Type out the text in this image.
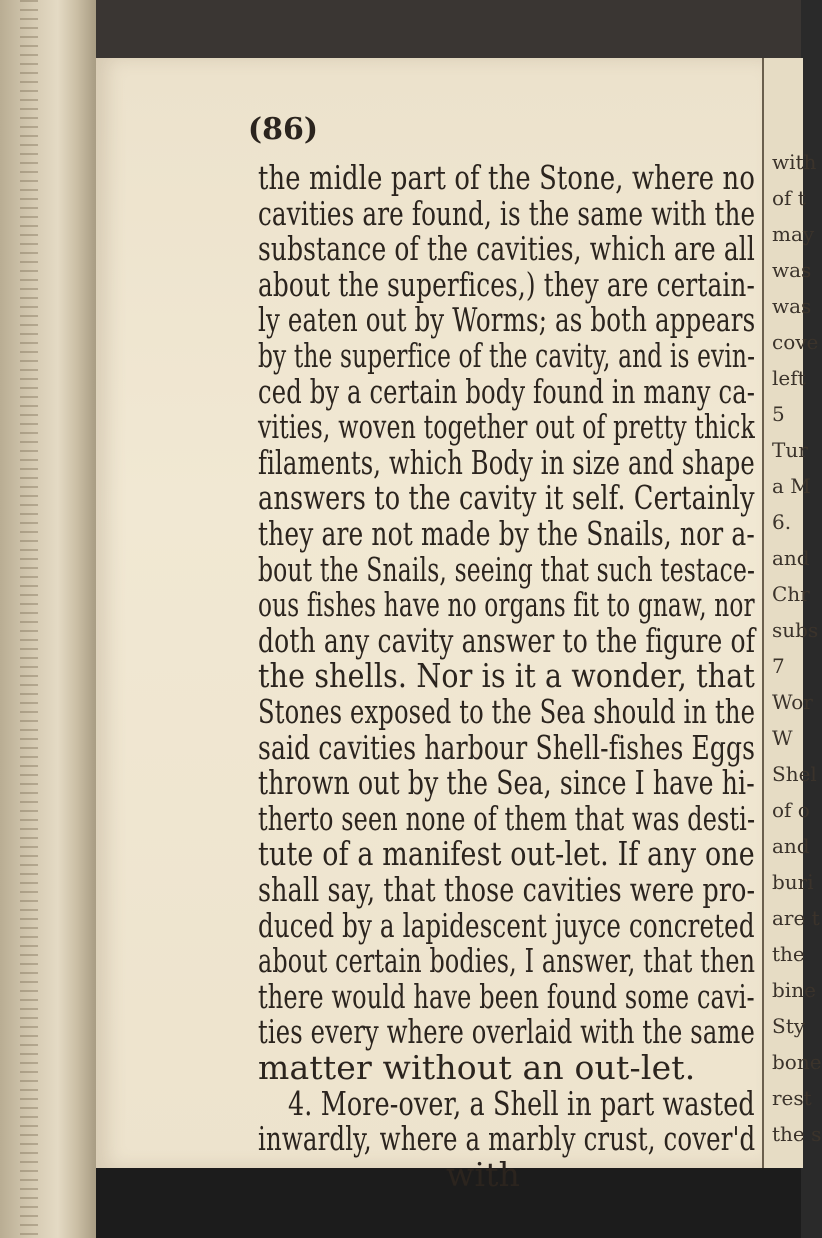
(86)
the midle part of the Stone, where no
cavities are found, is the same with the
substance of the cavities, which are all
about the superfices,) they are certain-
ly eaten out by Worms; as both appears
by the superfice of the cavity, and is evin-
ced by a certain body found in many ca-
vities, woven together out of pretty thick
filaments, which Body in size and shape
answers to the cavity it self. Certainly
they are not made by the Snails, nor a-
bout the Snails, seeing that such testace-
ous fishes have no organs fit to gnaw, nor
doth any cavity answer to the figure of
the shells. Nor is it a wonder, that
Stones exposed to the Sea should in the
said cavities harbour Shell-fishes Eggs
thrown out by the Sea, since I have hi-
therto seen none of them that was desti-
tute of a manifest out-let. If any one
shall say, that those cavities were pro-
duced by a lapidescent juyce concreted
about certain bodies, I answer, that then
there would have been found some cavi-
ties every where overlaid with the same
matter without an out-let.
4. More-over, a Shell in part wasted
inwardly, where a marbly crust, cover'd
with
with
of t
may
was
was
cove
left
5
Tur
a M
6.
and
Chr
subs
7
Wor
W
Shel
of o
and
buri
are t
the
bine
Sty
bone
rest
the s
